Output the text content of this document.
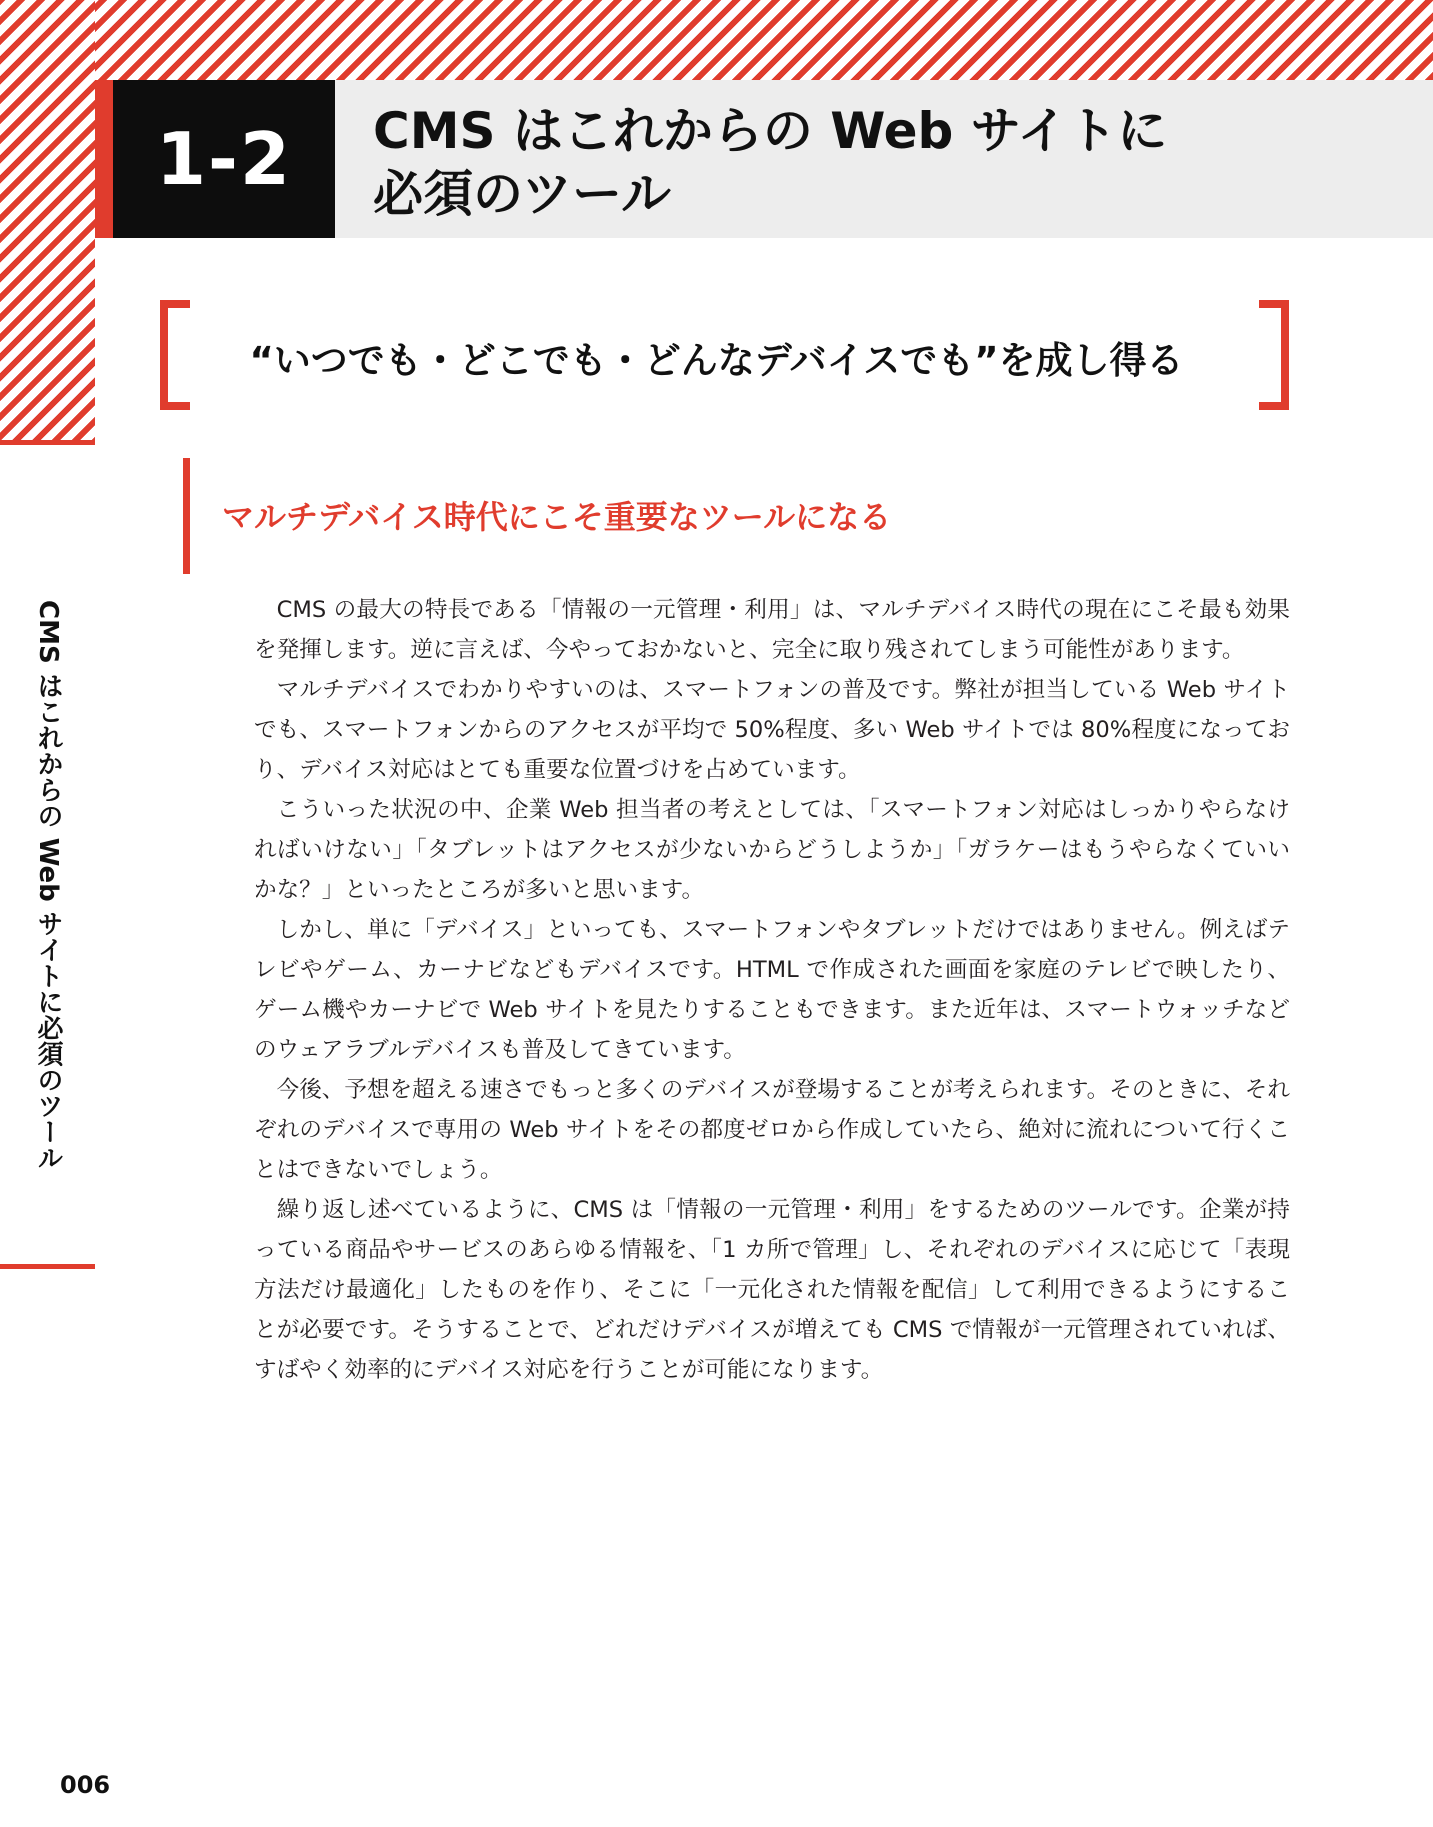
1-2 CMS はこれからの Web サイトに
必須のツール
“いつでも・どこでも・どんなデバイスでも”を成し得る
マルチデバイス時代にこそ重要なツールになる

CMS の最大の特長である「情報の一元管理・利用」は、マルチデバイス時代の現在にこそ最も効果を発揮します。逆に言えば、今やっておかないと、完全に取り残されてしまう可能性があります。

マルチデバイスでわかりやすいのは、スマートフォンの普及です。弊社が担当している Web サイトでも、スマートフォンからのアクセスが平均で 50%程度、多い Web サイトでは 80%程度になっており、デバイス対応はとても重要な位置づけを占めています。

こういった状況の中、企業 Web 担当者の考えとしては、「スマートフォン対応はしっかりやらなければいけない」「タブレットはアクセスが少ないからどうしようか」「ガラケーはもうやらなくていいかな？」といったところが多いと思います。

しかし、単に「デバイス」といっても、スマートフォンやタブレットだけではありません。例えばテレビやゲーム、カーナビなどもデバイスです。HTML で作成された画面を家庭のテレビで映したり、ゲーム機やカーナビで Web サイトを見たりすることもできます。また近年は、スマートウォッチなどのウェアラブルデバイスも普及してきています。

今後、予想を超える速さでもっと多くのデバイスが登場することが考えられます。そのときに、それぞれのデバイスで専用の Web サイトをその都度ゼロから作成していたら、絶対に流れについて行くことはできないでしょう。

繰り返し述べているように、CMS は「情報の一元管理・利用」をするためのツールです。企業が持っている商品やサービスのあらゆる情報を、「1 カ所で管理」し、それぞれのデバイスに応じて「表現方法だけ最適化」したものを作り、そこに「一元化された情報を配信」して利用できるようにすることが必要です。そうすることで、どれだけデバイスが増えても CMS で情報が一元管理されていれば、すばやく効率的にデバイス対応を行うことが可能になります。

CMS はこれからの Web サイトに必須のツール

006
